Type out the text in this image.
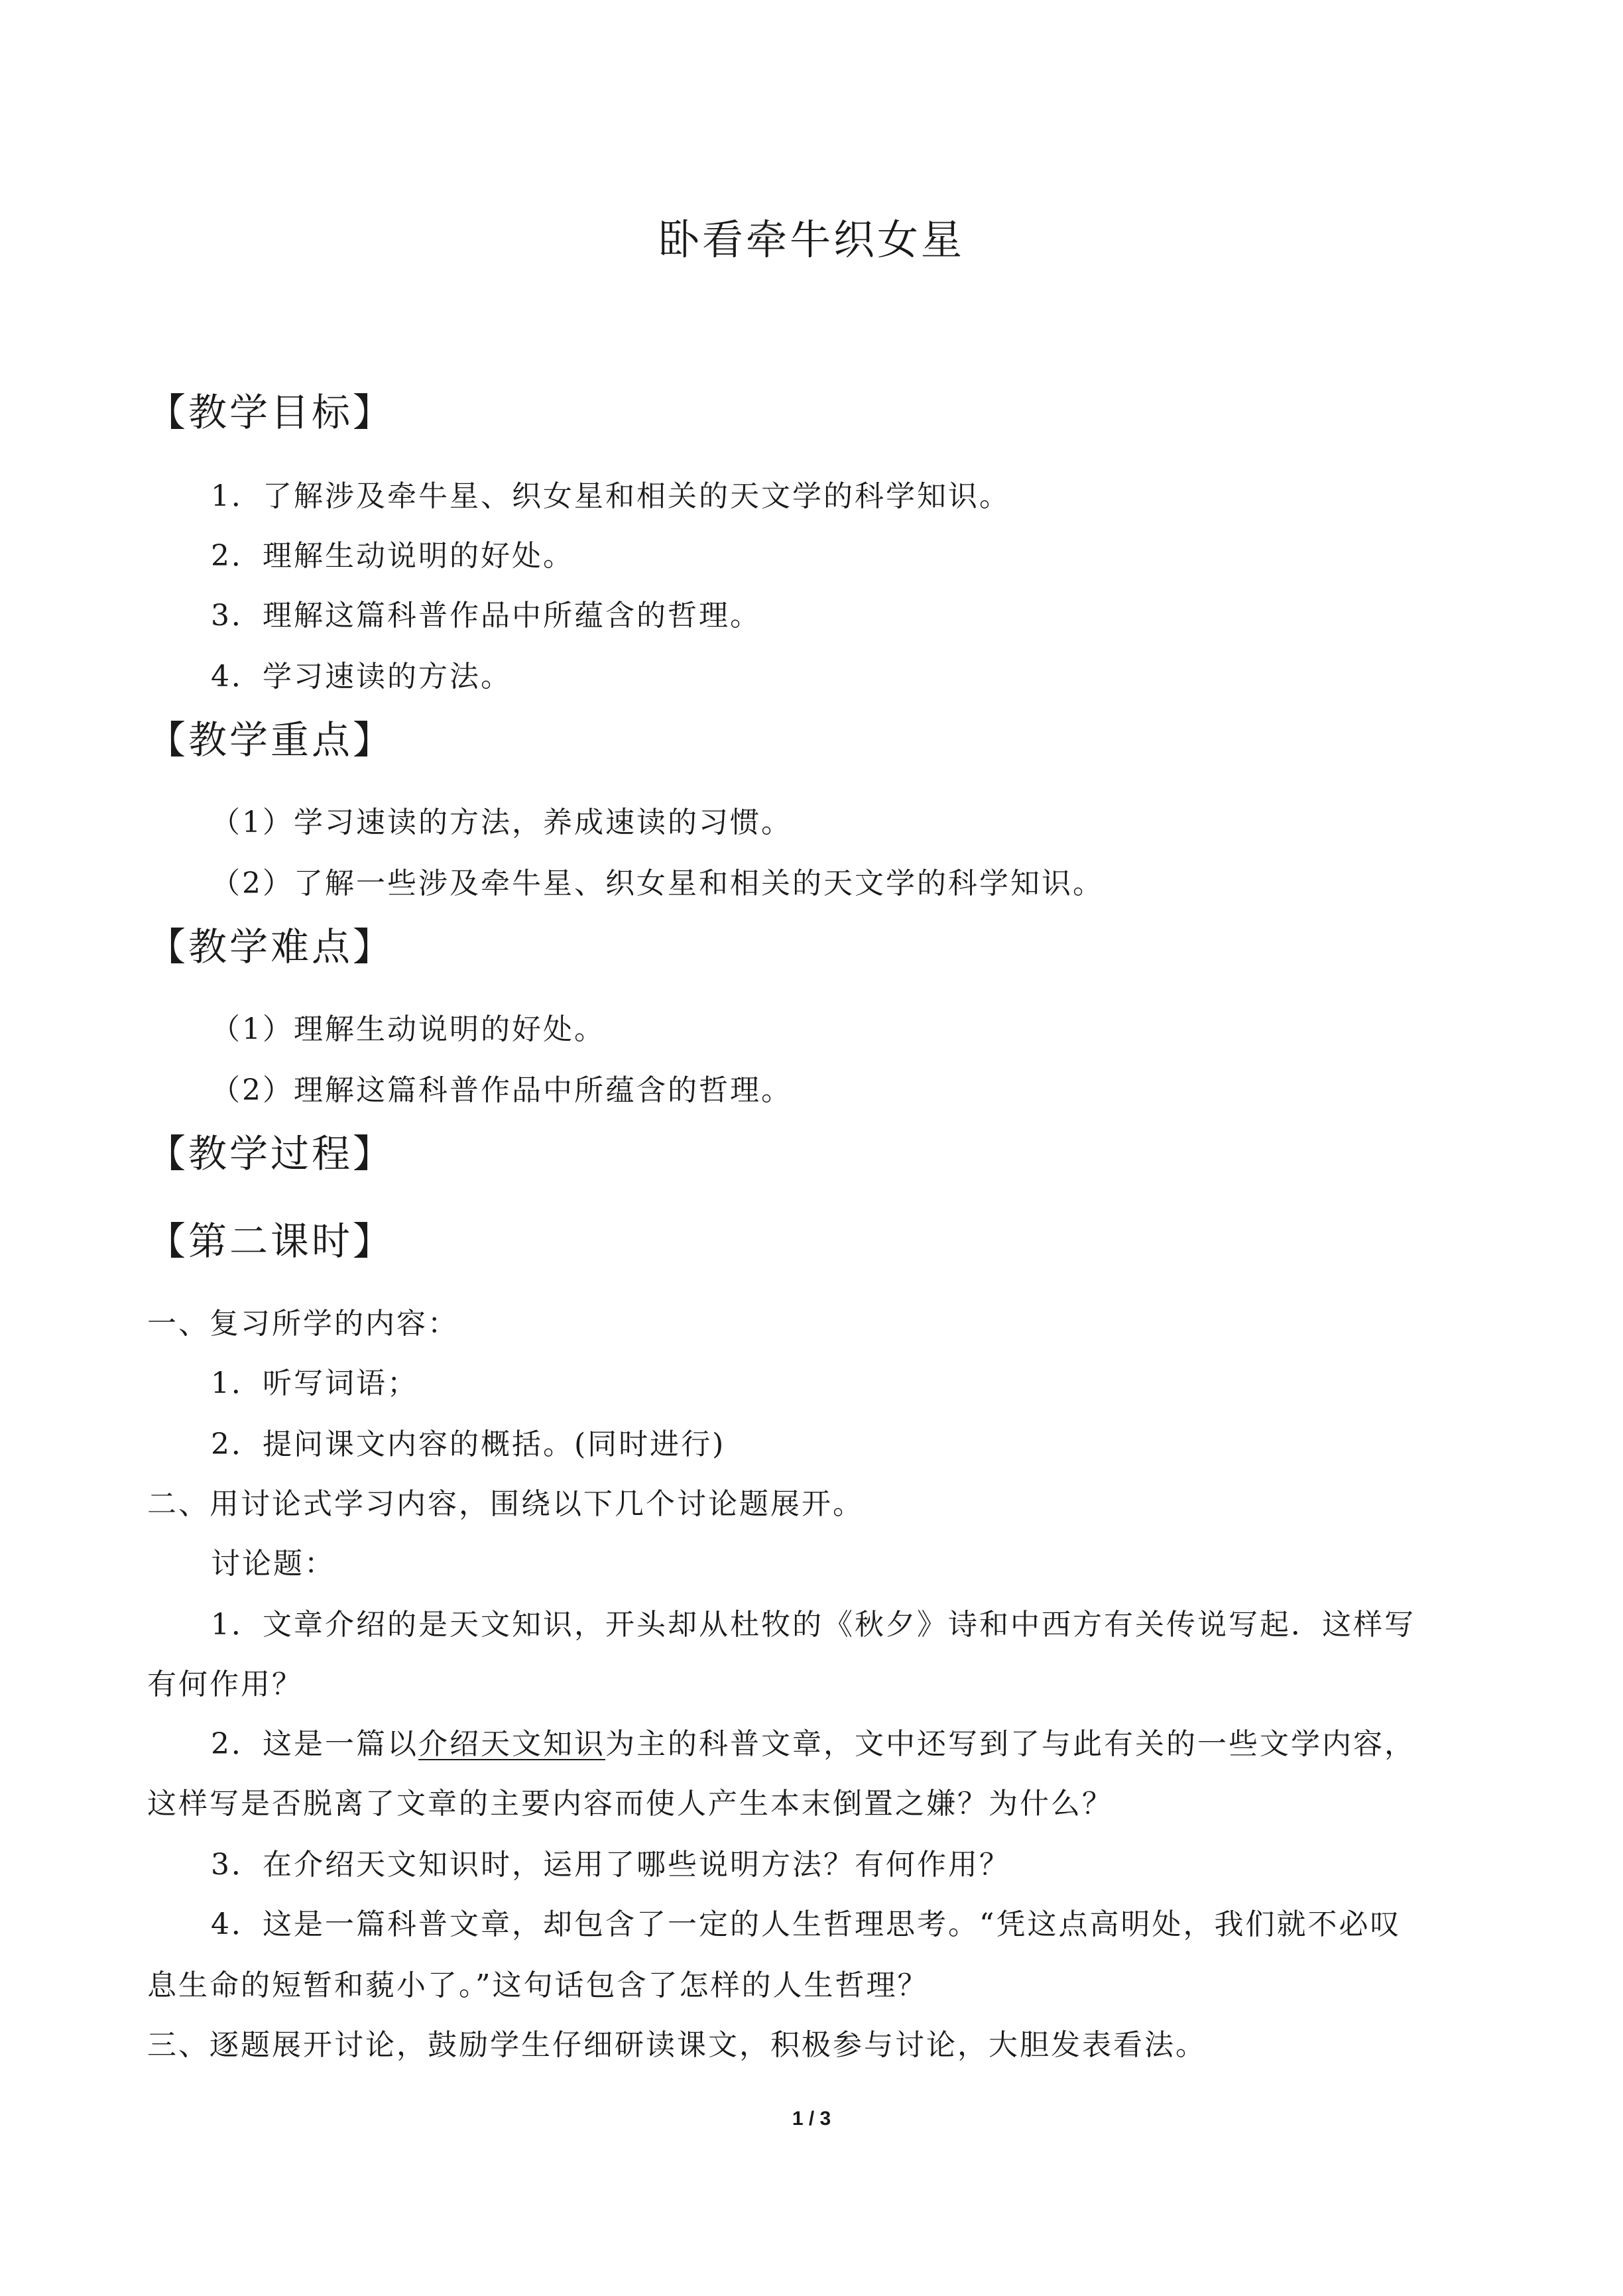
卧看牵牛织女星
【教学目标】
1．了解涉及牵牛星、织女星和相关的天文学的科学知识。
2．理解生动说明的好处。
3．理解这篇科普作品中所蕴含的哲理。
4．学习速读的方法。
【教学重点】
（1）学习速读的方法，养成速读的习惯。
（2）了解一些涉及牵牛星、织女星和相关的天文学的科学知识。
【教学难点】
（1）理解生动说明的好处。
（2）理解这篇科普作品中所蕴含的哲理。
【教学过程】
【第二课时】
一、复习所学的内容：
1．听写词语；
2．提问课文内容的概括。(同时进行)
二、用讨论式学习内容，围绕以下几个讨论题展开。
讨论题：
1．文章介绍的是天文知识，开头却从杜牧的《秋夕》诗和中西方有关传说写起．这样写
有何作用？
2．这是一篇以介绍天文知识为主的科普文章，文中还写到了与此有关的一些文学内容，
这样写是否脱离了文章的主要内容而使人产生本末倒置之嫌？为什么？
3．在介绍天文知识时，运用了哪些说明方法？有何作用？
4．这是一篇科普文章，却包含了一定的人生哲理思考。“凭这点高明处，我们就不必叹
息生命的短暂和藐小了。”这句话包含了怎样的人生哲理？
三、逐题展开讨论，鼓励学生仔细研读课文，积极参与讨论，大胆发表看法。
1 / 3
